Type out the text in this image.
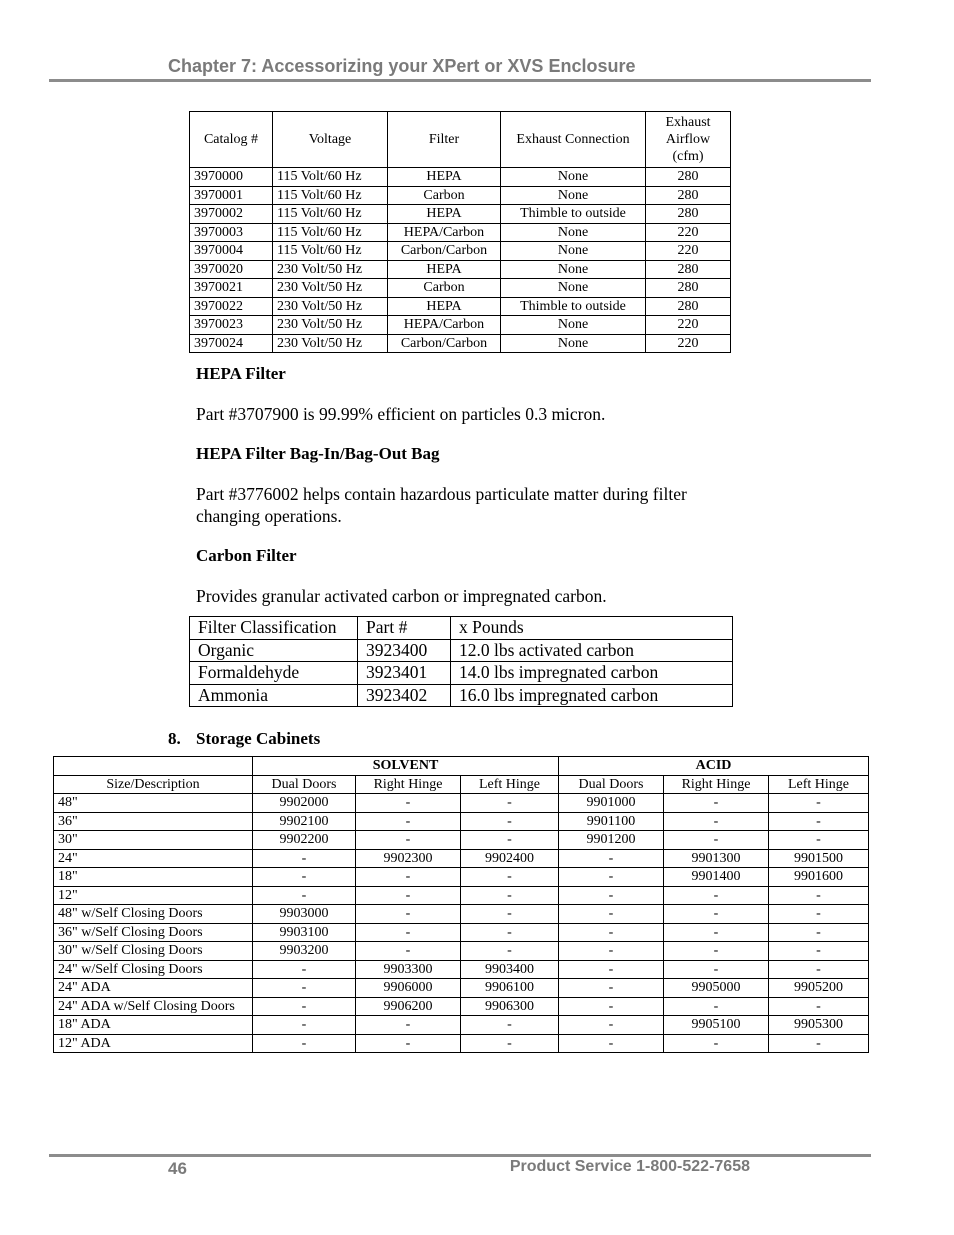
Chapter 7: Accessorizing your XPert or XVS Enclosure
Catalog #	Voltage	Filter	Exhaust Connection	Exhaust Airflow (cfm)
3970000	115 Volt/60 Hz	HEPA	None	280
3970001	115 Volt/60 Hz	Carbon	None	280
3970002	115 Volt/60 Hz	HEPA	Thimble to outside	280
3970003	115 Volt/60 Hz	HEPA/Carbon	None	220
3970004	115 Volt/60 Hz	Carbon/Carbon	None	220
3970020	230 Volt/50 Hz	HEPA	None	280
3970021	230 Volt/50 Hz	Carbon	None	280
3970022	230 Volt/50 Hz	HEPA	Thimble to outside	280
3970023	230 Volt/50 Hz	HEPA/Carbon	None	220
3970024	230 Volt/50 Hz	Carbon/Carbon	None	220
HEPA Filter
Part #3707900 is 99.99% efficient on particles 0.3 micron.
HEPA Filter Bag-In/Bag-Out Bag
Part #3776002 helps contain hazardous particulate matter during filter changing operations.
Carbon Filter
Provides granular activated carbon or impregnated carbon.
Filter Classification	Part #	x Pounds
Organic	3923400	12.0 lbs activated carbon
Formaldehyde	3923401	14.0 lbs impregnated carbon
Ammonia	3923402	16.0 lbs impregnated carbon
8. Storage Cabinets
	SOLVENT			ACID		
Size/Description	Dual Doors	Right Hinge	Left Hinge	Dual Doors	Right Hinge	Left Hinge
48"	9902000	-	-	9901000	-	-
36"	9902100	-	-	9901100	-	-
30"	9902200	-	-	9901200	-	-
24"	-	9902300	9902400	-	9901300	9901500
18"	-	-	-	-	9901400	9901600
12"	-	-	-	-	-	-
48" w/Self Closing Doors	9903000	-	-	-	-	-
36" w/Self Closing Doors	9903100	-	-	-	-	-
30" w/Self Closing Doors	9903200	-	-	-	-	-
24" w/Self Closing Doors	-	9903300	9903400	-	-	-
24" ADA	-	9906000	9906100	-	9905000	9905200
24" ADA w/Self Closing Doors	-	9906200	9906300	-	-	-
18" ADA	-	-	-	-	9905100	9905300
12" ADA	-	-	-	-	-	-
46	Product Service 1-800-522-7658
